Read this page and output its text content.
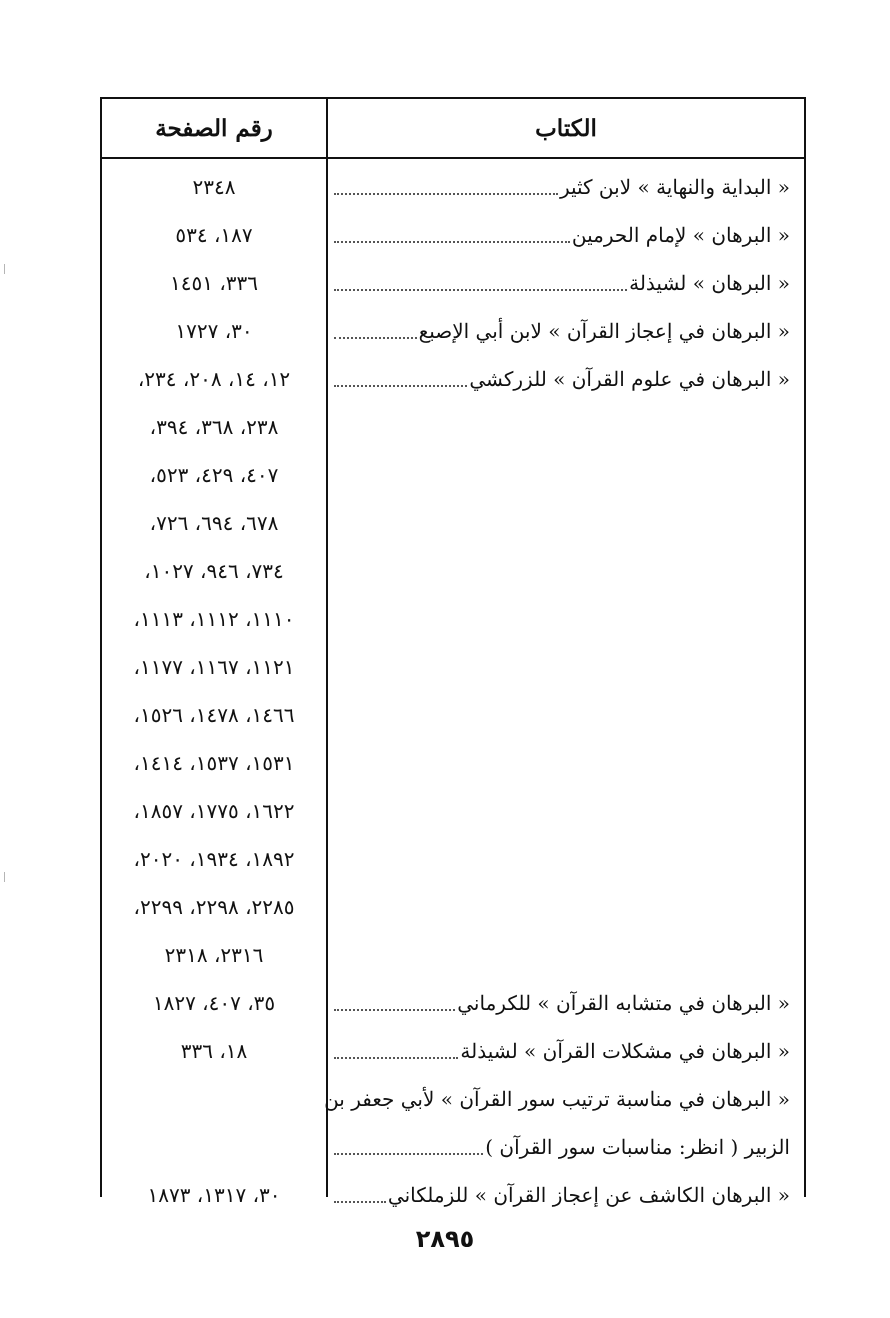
الكتاب
رقم الصفحة
« البداية والنهاية » لابن كثير
٢٣٤٨
« البرهان » لإمام الحرمين
١٨٧، ٥٣٤
« البرهان » لشيذلة
٣٣٦، ١٤٥١
« البرهان في إعجاز القرآن » لابن أبي الإصبع
٣٠، ١٧٢٧
« البرهان في علوم القرآن » للزركشي
١٢، ١٤، ٢٠٨، ٢٣٤،
٢٣٨، ٣٦٨، ٣٩٤،
٤٠٧، ٤٢٩، ٥٢٣،
٦٧٨، ٦٩٤، ٧٢٦،
٧٣٤، ٩٤٦، ١٠٢٧،
١١١٠، ١١١٢، ١١١٣،
١١٢١، ١١٦٧، ١١٧٧،
١٤٦٦، ١٤٧٨، ١٥٢٦،
١٥٣١، ١٥٣٧، ١٤١٤،
١٦٢٢، ١٧٧٥، ١٨٥٧،
١٨٩٢، ١٩٣٤، ٢٠٢٠،
٢٢٨٥، ٢٢٩٨، ٢٢٩٩،
٢٣١٦، ٢٣١٨
« البرهان في متشابه القرآن » للكرماني
٣٥، ٤٠٧، ١٨٢٧
« البرهان في مشكلات القرآن » لشيذلة
١٨، ٣٣٦
« البرهان في مناسبة ترتيب سور القرآن » لأبي جعفر بن
الزبير ( انظر: مناسبات سور القرآن )
« البرهان الكاشف عن إعجاز القرآن » للزملكاني
٣٠، ١٣١٧، ١٨٧٣
٢٨٩٥
